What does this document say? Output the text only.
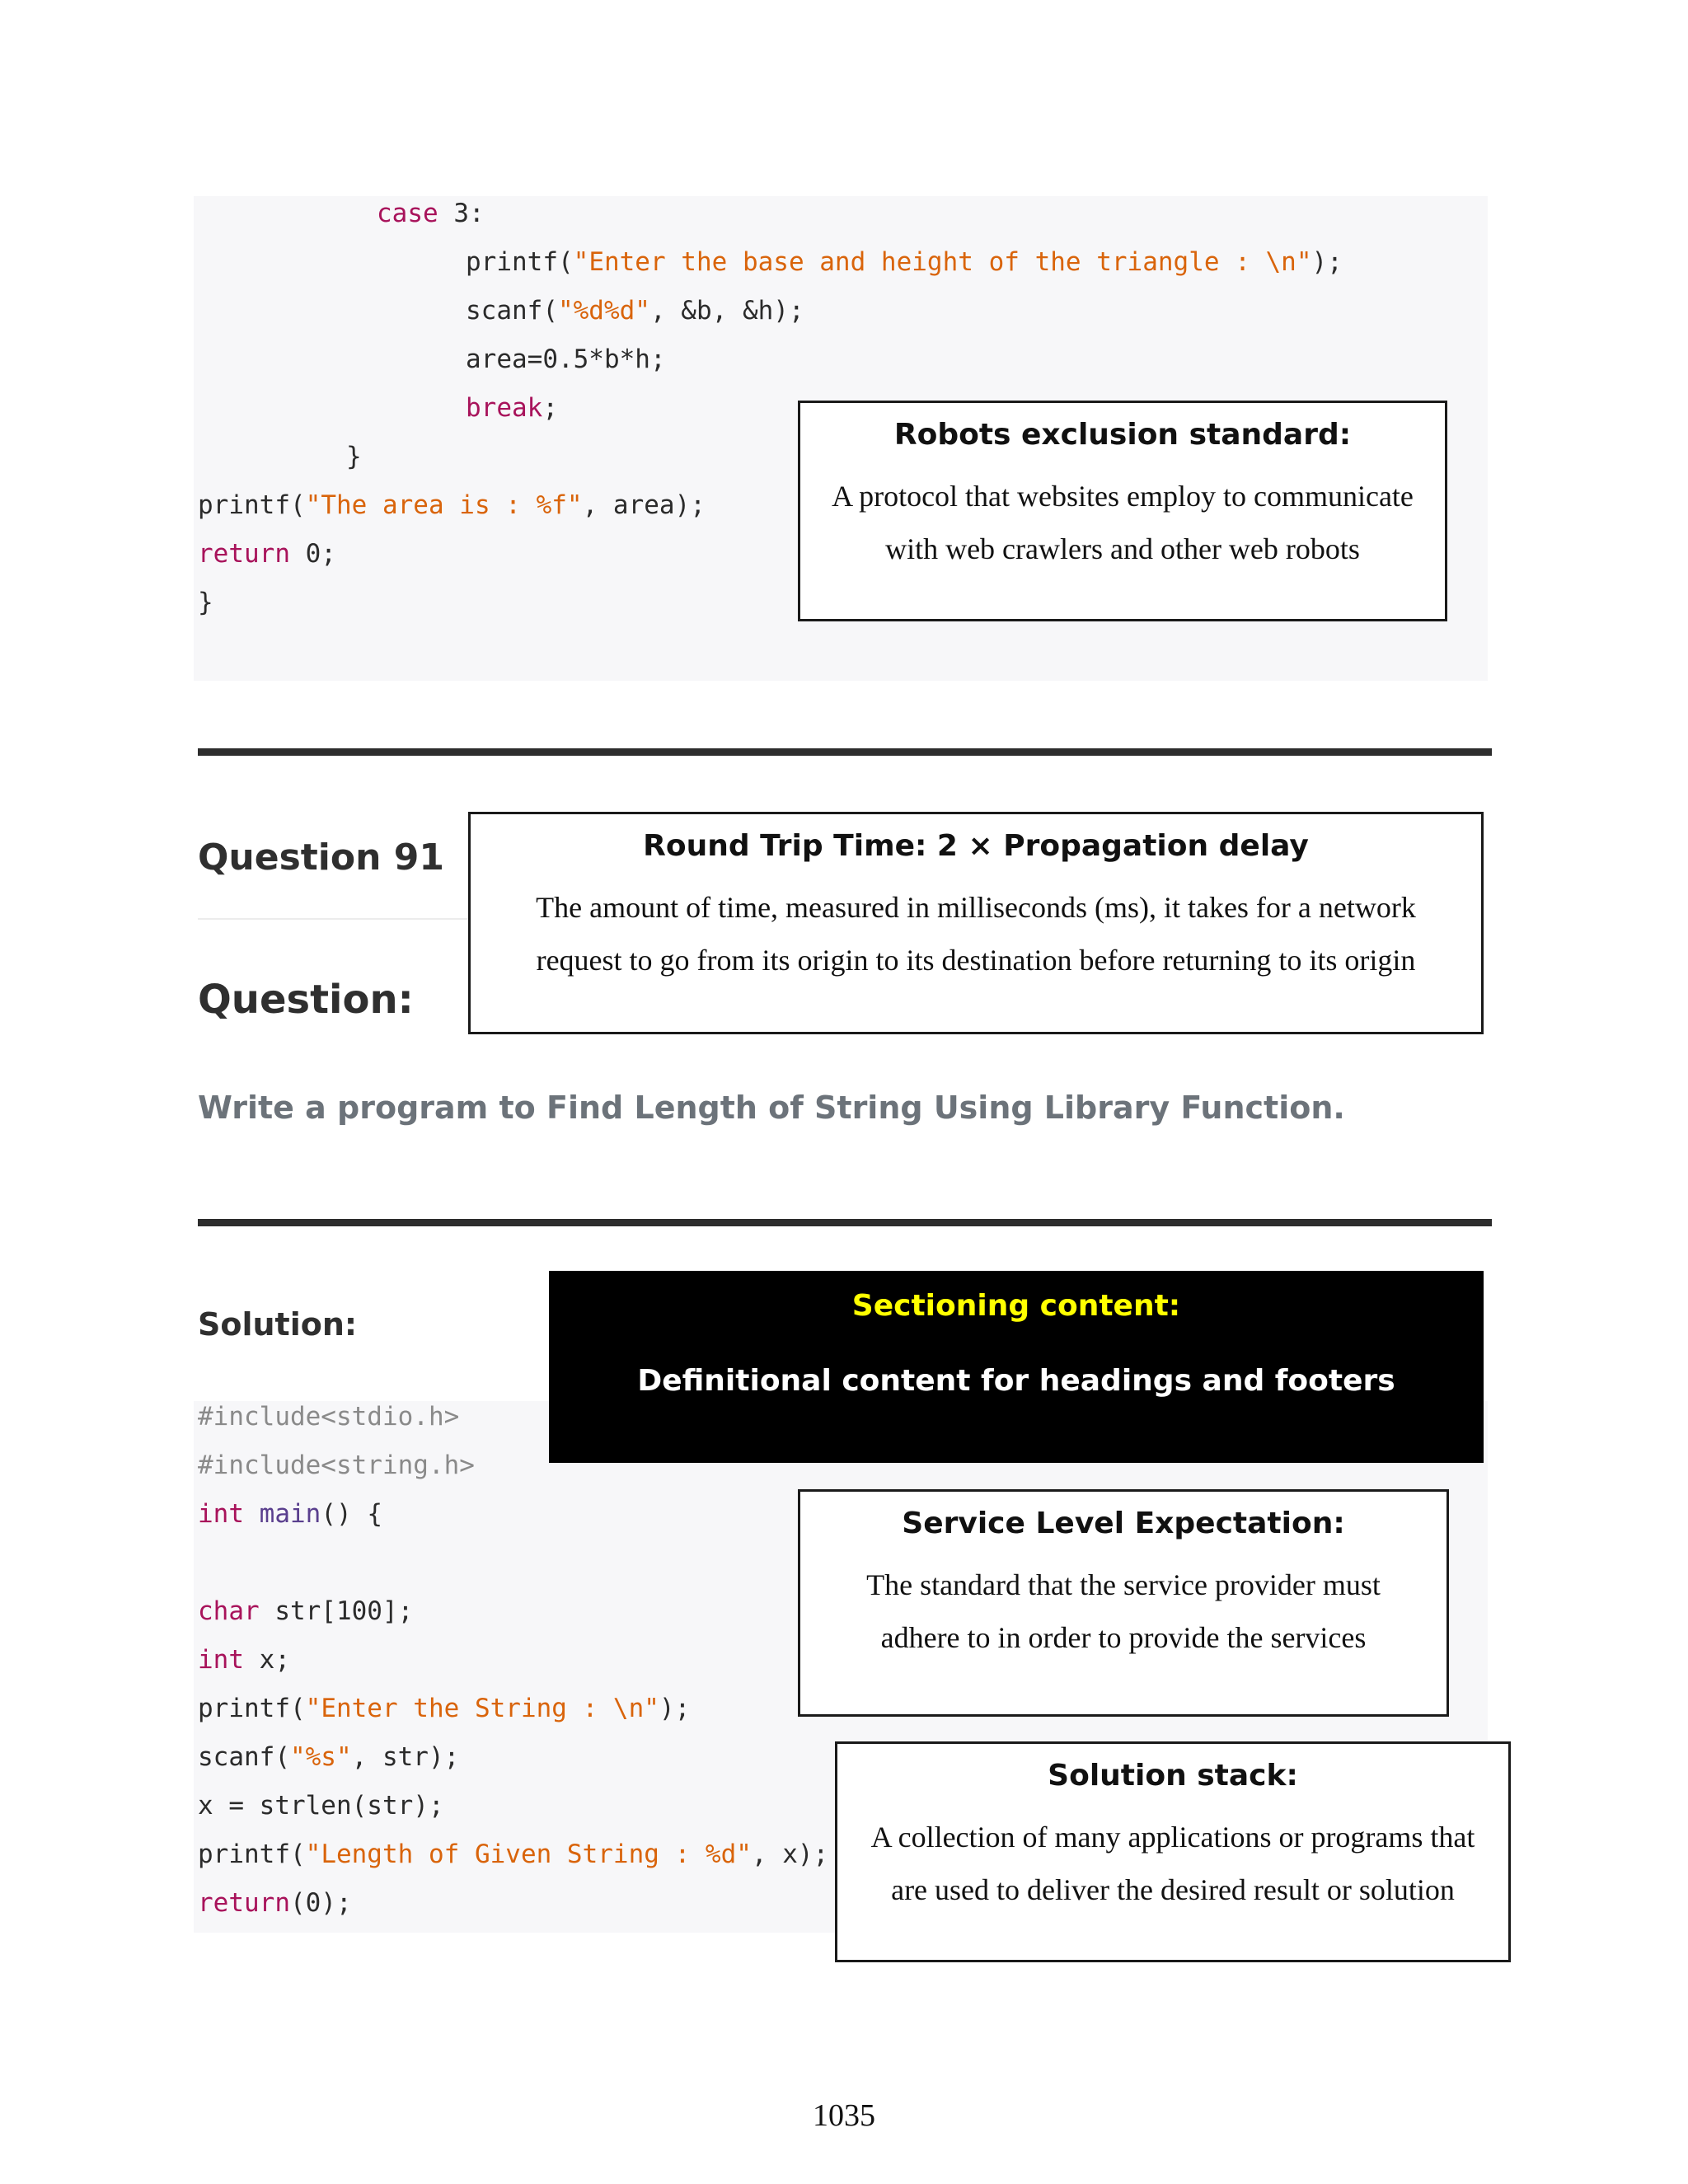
case 3:
printf("Enter the base and height of the triangle : \n");
scanf("%d%d", &b, &h);
area=0.5*b*h;
break;
}
printf("The area is : %f", area);
return 0;
}
Robots exclusion standard:
A protocol that websites employ to communicate
with web crawlers and other web robots
Question 91
Question:
Round Trip Time: 2 × Propagation delay
The amount of time, measured in milliseconds (ms), it takes for a network
request to go from its origin to its destination before returning to its origin
Write a program to Find Length of String Using Library Function.
Solution:
#include<stdio.h>
#include<string.h>
int main() {

char str[100];
int x;
printf("Enter the String : \n");
scanf("%s", str);
x = strlen(str);
printf("Length of Given String : %d", x);
return(0);
Sectioning content:
Definitional content for headings and footers
Service Level Expectation:
The standard that the service provider must
adhere to in order to provide the services
Solution stack:
A collection of many applications or programs that
are used to deliver the desired result or solution
1035
